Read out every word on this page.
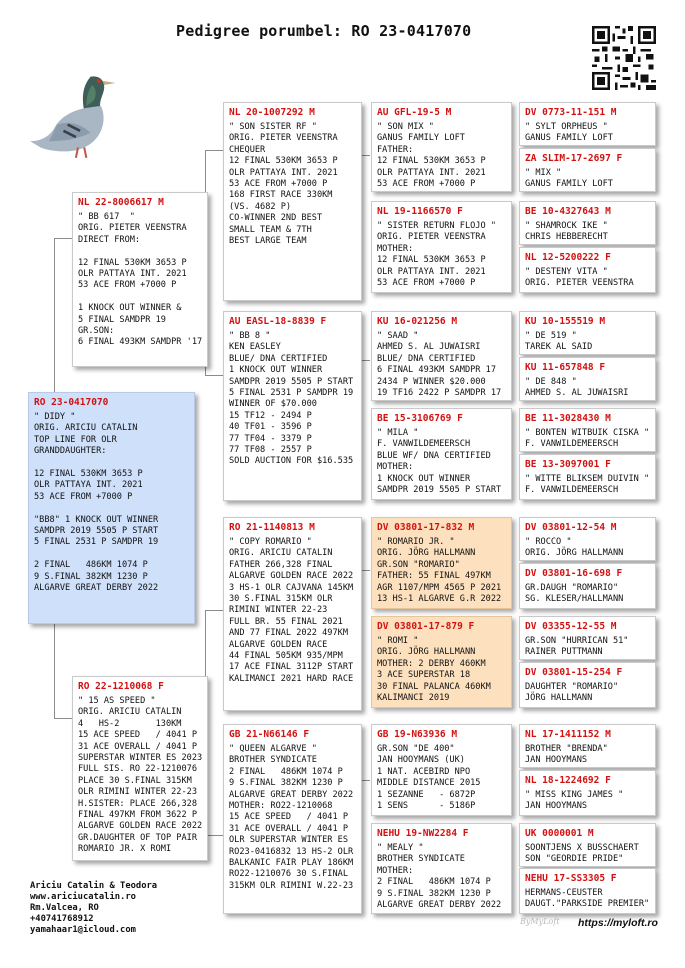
Pedigree porumbel: RO 23-0417070
RO 23-0417070
" DIDY "
ORIG. ARICIU CATALIN
TOP LINE FOR OLR
GRANDDAUGHTER:

12 FINAL 530KM 3653 P
OLR PATTAYA INT. 2021
53 ACE FROM +7000 P

"BB8" 1 KNOCK OUT WINNER
SAMDPR 2019 5505 P START
5 FINAL 2531 P SAMDPR 19

2 FINAL   486KM 1074 P
9 S.FINAL 382KM 1230 P
ALGARVE GREAT DERBY 2022
NL 22-8006617 M
" BB 617  "
ORIG. PIETER VEENSTRA
DIRECT FROM:

12 FINAL 530KM 3653 P
OLR PATTAYA INT. 2021
53 ACE FROM +7000 P

1 KNOCK OUT WINNER &
5 FINAL SAMDPR 19
GR.SON:
6 FINAL 493KM SAMDPR '17
RO 22-1210068 F
" 15 AS SPEED "
ORIG. ARICIU CATALIN
4   HS-2       130KM
15 ACE SPEED   / 4041 P
31 ACE OVERALL / 4041 P
SUPERSTAR WINTER ES 2023
FULL SIS. RO 22-1210076
PLACE 30 S.FINAL 315KM
OLR RIMINI WINTER 22-23
H.SISTER: PLACE 266,328
FINAL 497KM FROM 3622 P
ALGARVE GOLDEN RACE 2022
GR.DAUGHTER OF TOP PAIR
ROMARIO JR. X ROMI
NL 20-1007292 M
" SON SISTER RF "
ORIG. PIETER VEENSTRA
CHEQUER
12 FINAL 530KM 3653 P
OLR PATTAYA INT. 2021
53 ACE FROM +7000 P
168 FIRST RACE 330KM
(VS. 4682 P)
CO-WINNER 2ND BEST
SMALL TEAM & 7TH
BEST LARGE TEAM
AU EASL-18-8839 F
" BB 8 "
KEN EASLEY
BLUE/ DNA CERTIFIED
1 KNOCK OUT WINNER
SAMDPR 2019 5505 P START
5 FINAL 2531 P SAMDPR 19
WINNER OF $70.000
15 TF12 - 2494 P
40 TF01 - 3596 P
77 TF04 - 3379 P
77 TF08 - 2557 P
SOLD AUCTION FOR $16.535
RO 21-1140813 M
" COPY ROMARIO "
ORIG. ARICIU CATALIN
FATHER 266,328 FINAL
ALGARVE GOLDEN RACE 2022
3 HS-1 OLR CAJVANA 145KM
30 S.FINAL 315KM OLR
RIMINI WINTER 22-23
FULL BR. 55 FINAL 2021
AND 77 FINAL 2022 497KM
ALGARVE GOLDEN RACE
44 FINAL 505KM 935/MPM
17 ACE FINAL 3112P START
KALIMANCI 2021 HARD RACE
GB 21-N66146 F
" QUEEN ALGARVE "
BROTHER SYNDICATE
2 FINAL   486KM 1074 P
9 S.FINAL 382KM 1230 P
ALGARVE GREAT DERBY 2022
MOTHER: RO22-1210068
15 ACE SPEED   / 4041 P
31 ACE OVERALL / 4041 P
OLR SUPERSTAR WINTER ES
RO23-0416832 13 HS-2 OLR
BALKANIC FAIR PLAY 186KM
RO22-1210076 30 S.FINAL
315KM OLR RIMINI W.22-23
AU GFL-19-5 M
" SON MIX "
GANUS FAMILY LOFT
FATHER:
12 FINAL 530KM 3653 P
OLR PATTAYA INT. 2021
53 ACE FROM +7000 P
NL 19-1166570 F
" SISTER RETURN FLOJO "
ORIG. PIETER VEENSTRA
MOTHER:
12 FINAL 530KM 3653 P
OLR PATTAYA INT. 2021
53 ACE FROM +7000 P
KU 16-021256 M
" SAAD "
AHMED S. AL JUWAISRI
BLUE/ DNA CERTIFIED
6 FINAL 493KM SAMDPR 17
2434 P WINNER $20.000
19 TF16 2422 P SAMDPR 17
BE 15-3106769 F
" MILA "
F. VANWILDEMEERSCH
BLUE WF/ DNA CERTIFIED
MOTHER:
1 KNOCK OUT WINNER
SAMDPR 2019 5505 P START
DV 03801-17-832 M
" ROMARIO JR. "
ORIG. JÖRG HALLMANN
GR.SON "ROMARIO"
FATHER: 55 FINAL 497KM
AGR 1107/MPM 4565 P 2021
13 HS-1 ALGARVE G.R 2022
DV 03801-17-879 F
" ROMI "
ORIG. JÖRG HALLMANN
MOTHER: 2 DERBY 460KM
3 ACE SUPERSTAR 18
30 FINAL PALANCA 460KM
KALIMANCI 2019
GB 19-N63936 M
GR.SON "DE 400"
JAN HOOYMANS (UK)
1 NAT. ACEBIRD NPO
MIDDLE DISTANCE 2015
1 SEZANNE   - 6872P
1 SENS      - 5186P
NEHU 19-NW2284 F
" MEALY "
BROTHER SYNDICATE
MOTHER:
2 FINAL   486KM 1074 P
9 S.FINAL 382KM 1230 P
ALGARVE GREAT DERBY 2022
DV 0773-11-151 M
" SYLT ORPHEUS "
GANUS FAMILY LOFT
ZA SLIM-17-2697 F
" MIX "
GANUS FAMILY LOFT
BE 10-4327643 M
" SHAMROCK IKE "
CHRIS HEBBERECHT
NL 12-5200222 F
" DESTENY VITA "
ORIG. PIETER VEENSTRA
KU 10-155519 M
" DE 519 "
TAREK AL SAID
KU 11-657848 F
" DE 848 "
AHMED S. AL JUWAISRI
BE 11-3028430 M
" BONTEN WITBUIK CISKA "
F. VANWILDEMEERSCH
BE 13-3097001 F
" WITTE BLIKSEM DUIVIN "
F. VANWILDEMEERSCH
DV 03801-12-54 M
" ROCCO "
ORIG. JÖRG HALLMANN
DV 03801-16-698 F
GR.DAUGH "ROMARIO"
SG. KLESER/HALLMANN
DV 03355-12-55 M
GR.SON "HURRICAN 51"
RAINER PUTTMANN
DV 03801-15-254 F
DAUGHTER "ROMARIO"
JÖRG HALLMANN
NL 17-1411152 M
BROTHER "BRENDA"
JAN HOOYMANS
NL 18-1224692 F
" MISS KING JAMES "
JAN HOOYMANS
UK 0000001 M
SOONTJENS X BUSSCHAERT
SON "GEORDIE PRIDE"
NEHU 17-SS3305 F
HERMANS-CEUSTER
DAUGT."PARKSIDE PREMIER"
Ariciu Catalin & Teodora
www.ariciucatalin.ro
Rm.Valcea, RO
+40741768912
yamahaar1@icloud.com
ByMyLoft https://myloft.ro
